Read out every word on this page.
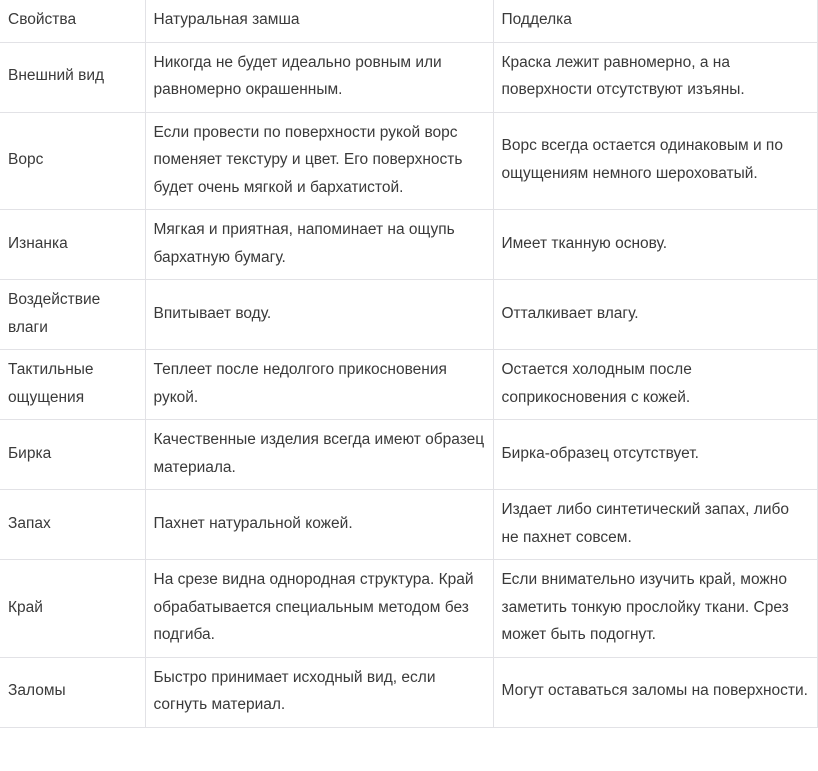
Свойства	Натуральная замша	Подделка
Внешний вид	Никогда не будет идеально ровным или равномерно окрашенным.	Краска лежит равномерно, а на поверхности отсутствуют изъяны.
Ворс	Если провести по поверхности рукой ворс поменяет текстуру и цвет. Его поверхность будет очень мягкой и бархатистой.	Ворс всегда остается одинаковым и по ощущениям немного шероховатый.
Изнанка	Мягкая и приятная, напоминает на ощупь бархатную бумагу.	Имеет тканную основу.
Воздействие влаги	Впитывает воду.	Отталкивает влагу.
Тактильные ощущения	Теплеет после недолгого прикосновения рукой.	Остается холодным после соприкосновения с кожей.
Бирка	Качественные изделия всегда имеют образец материала.	Бирка-образец отсутствует.
Запах	Пахнет натуральной кожей.	Издает либо синтетический запах, либо не пахнет совсем.
Край	На срезе видна однородная структура. Край обрабатывается специальным методом без подгиба.	Если внимательно изучить край, можно заметить тонкую прослойку ткани. Срез может быть подогнут.
Заломы	Быстро принимает исходный вид, если согнуть материал.	Могут оставаться заломы на поверхности.
